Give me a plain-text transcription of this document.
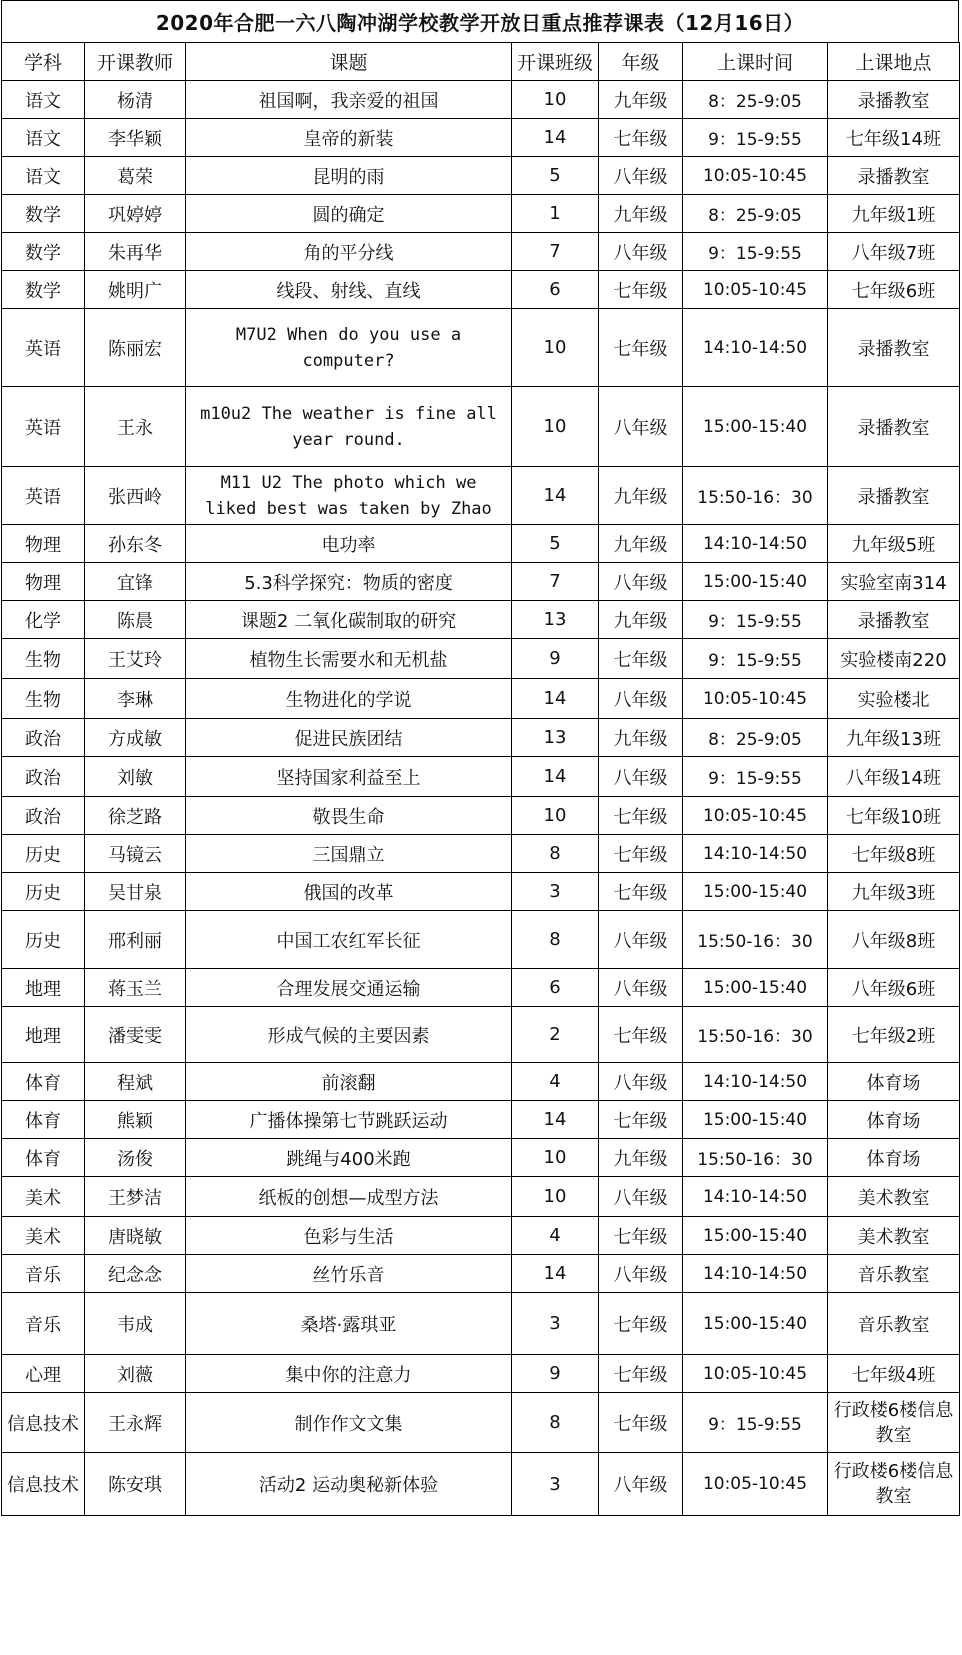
2020年合肥一六八陶冲湖学校教学开放日重点推荐课表（12月16日）
学科	开课教师	课题	开课班级	年级	上课时间	上课地点
语文	杨清	祖国啊，我亲爱的祖国	10	九年级	8：25-9:05	录播教室
语文	李华颖	皇帝的新装	14	七年级	9：15-9:55	七年级14班
语文	葛荣	昆明的雨	5	八年级	10:05-10:45	录播教室
数学	巩婷婷	圆的确定	1	九年级	8：25-9:05	九年级1班
数学	朱再华	角的平分线	7	八年级	9：15-9:55	八年级7班
数学	姚明广	线段、射线、直线	6	七年级	10:05-10:45	七年级6班
英语	陈丽宏	M7U2 When do you use a computer?	10	七年级	14:10-14:50	录播教室
英语	王永	m10u2 The weather is fine all year round.	10	八年级	15:00-15:40	录播教室
英语	张西岭	M11 U2 The photo which we liked best was taken by Zhao	14	九年级	15:50-16：30	录播教室
物理	孙东冬	电功率	5	九年级	14:10-14:50	九年级5班
物理	宜锋	5.3科学探究：物质的密度	7	八年级	15:00-15:40	实验室南314
化学	陈晨	课题2 二氧化碳制取的研究	13	九年级	9：15-9:55	录播教室
生物	王艾玲	植物生长需要水和无机盐	9	七年级	9：15-9:55	实验楼南220
生物	李琳	生物进化的学说	14	八年级	10:05-10:45	实验楼北
政治	方成敏	促进民族团结	13	九年级	8：25-9:05	九年级13班
政治	刘敏	坚持国家利益至上	14	八年级	9：15-9:55	八年级14班
政治	徐芝路	敬畏生命	10	七年级	10:05-10:45	七年级10班
历史	马镜云	三国鼎立	8	七年级	14:10-14:50	七年级8班
历史	吴甘泉	俄国的改革	3	七年级	15:00-15:40	九年级3班
历史	邢利丽	中国工农红军长征	8	八年级	15:50-16：30	八年级8班
地理	蒋玉兰	合理发展交通运输	6	八年级	15:00-15:40	八年级6班
地理	潘雯雯	形成气候的主要因素	2	七年级	15:50-16：30	七年级2班
体育	程斌	前滚翻	4	八年级	14:10-14:50	体育场
体育	熊颖	广播体操第七节跳跃运动	14	七年级	15:00-15:40	体育场
体育	汤俊	跳绳与400米跑	10	九年级	15:50-16：30	体育场
美术	王梦洁	纸板的创想—成型方法	10	八年级	14:10-14:50	美术教室
美术	唐晓敏	色彩与生活	4	七年级	15:00-15:40	美术教室
音乐	纪念念	丝竹乐音	14	八年级	14:10-14:50	音乐教室
音乐	韦成	桑塔·露琪亚	3	七年级	15:00-15:40	音乐教室
心理	刘薇	集中你的注意力	9	七年级	10:05-10:45	七年级4班
信息技术	王永辉	制作作文文集	8	七年级	9：15-9:55	行政楼6楼信息教室
信息技术	陈安琪	活动2 运动奥秘新体验	3	八年级	10:05-10:45	行政楼6楼信息教室
